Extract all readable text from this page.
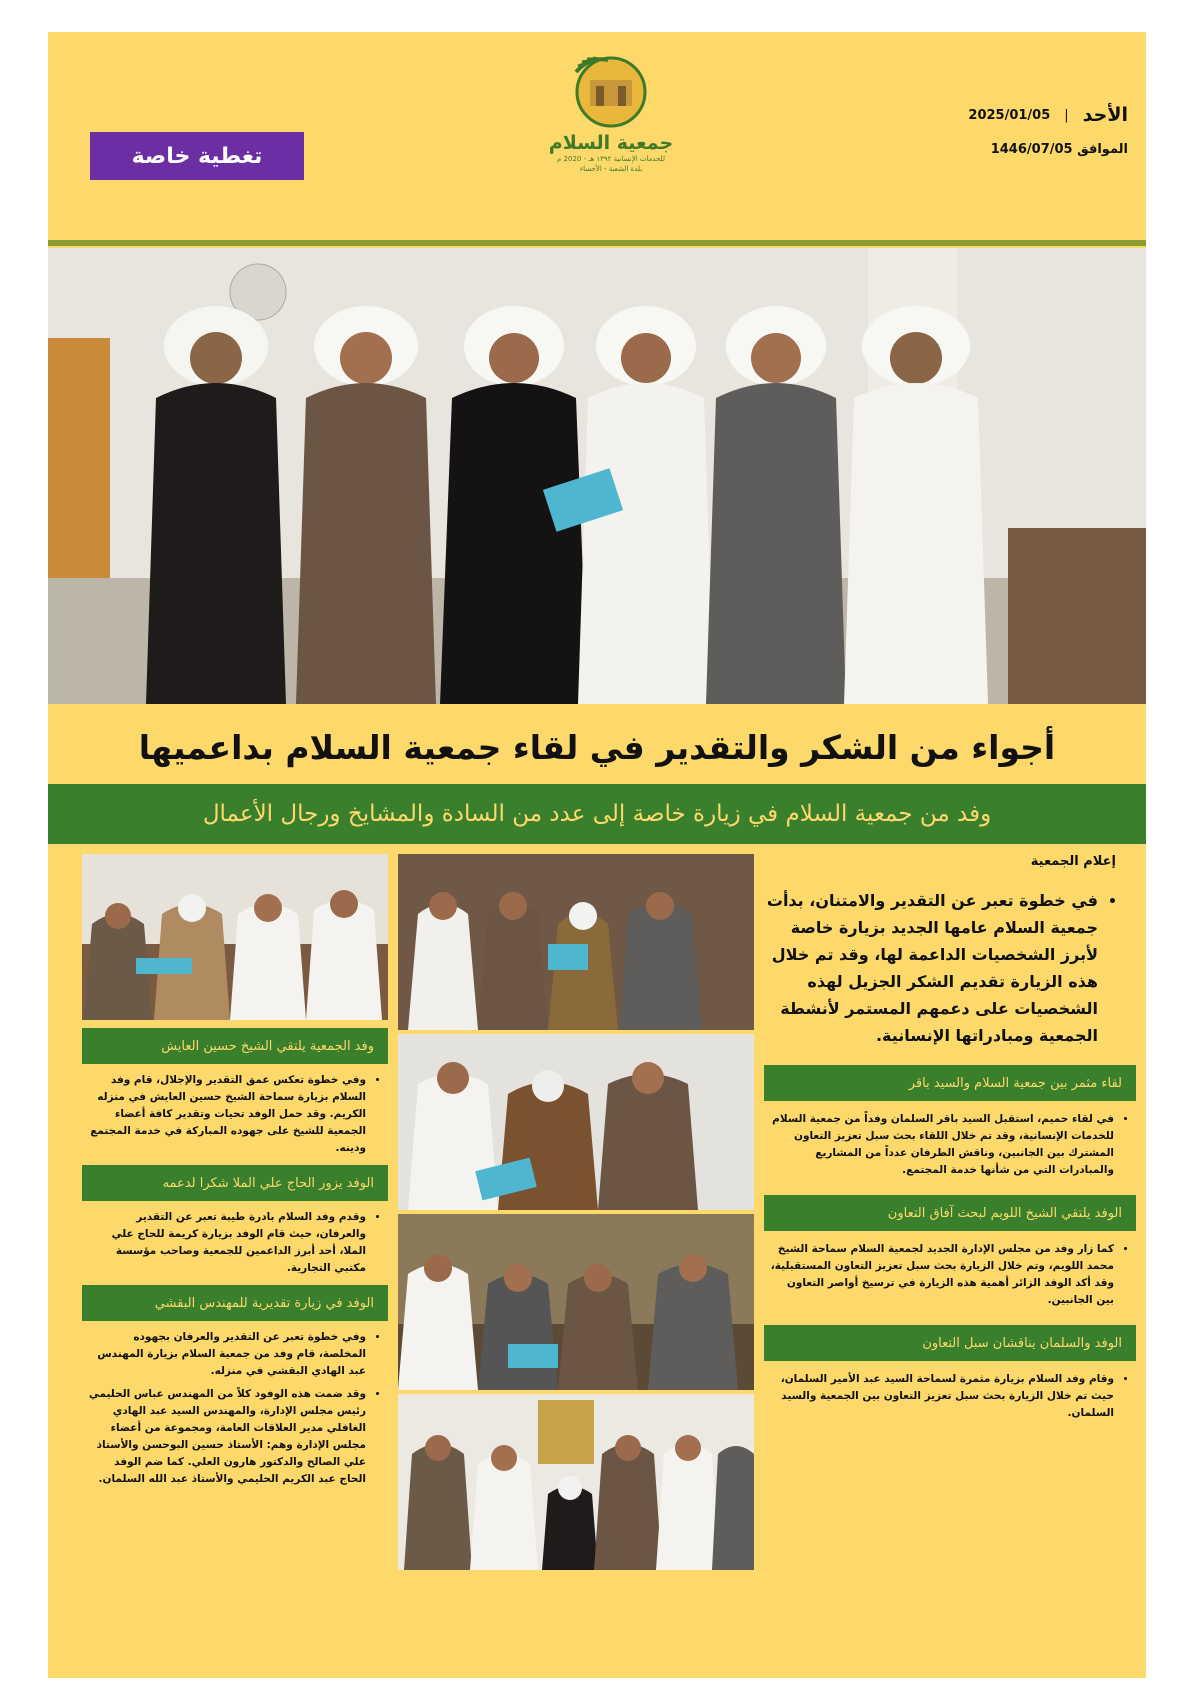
تغطية خاصة
جمعية السلام
للخدمات الإنسانية ١٣٩٢ هـ - 2020 م
بلدة الشعبة - الأحساء
الأحد
|
2025/01/05
الموافق 1446/07/05
أجواء من الشكر والتقدير في لقاء جمعية السلام بداعميها
وفد من جمعية السلام في زيارة خاصة إلى عدد من السادة والمشايخ ورجال الأعمال
إعلام الجمعية
• في خطوة تعبر عن التقدير والامتنان، بدأت جمعية السلام عامها الجديد بزيارة خاصة لأبرز الشخصيات الداعمة لها، وقد تم خلال هذه الزيارة تقديم الشكر الجزيل لهذه الشخصيات على دعمهم المستمر لأنشطة الجمعية ومبادراتها الإنسانية.
لقاء مثمر بين جمعية السلام والسيد باقر
• في لقاء حميم، استقبل السيد باقر السلمان وفداً من جمعية السلام للخدمات الإنسانية، وقد تم خلال اللقاء بحث سبل تعزيز التعاون المشترك بين الجانبين، وناقش الطرفان عدداً من المشاريع والمبادرات التي من شأنها خدمة المجتمع.
الوفد يلتقي الشيخ اللويم لبحث آفاق التعاون
• كما زار وفد من مجلس الإدارة الجديد لجمعية السلام سماحة الشيخ محمد اللويم، وتم خلال الزيارة بحث سبل تعزيز التعاون المستقبلية، وقد أكد الوفد الزائر أهمية هذه الزيارة في ترسيخ أواصر التعاون بين الجانبين.
الوفد والسلمان يناقشان سبل التعاون
• وقام وفد السلام بزيارة مثمرة لسماحة السيد عبد الأمير السلمان، حيث تم خلال الزيارة بحث سبل تعزيز التعاون بين الجمعية والسيد السلمان.
وفد الجمعية يلتقي الشيخ حسين العايش
• وفي خطوة تعكس عمق التقدير والإجلال، قام وفد السلام بزيارة سماحة الشيخ حسين العايش في منزله الكريم. وقد حمل الوفد تحيات وتقدير كافة أعضاء الجمعية للشيخ على جهوده المباركة في خدمة المجتمع ودينه.
الوفد يزور الحاج علي الملا شكرا لدعمه
• وقدم وفد السلام بادرة طيبة تعبر عن التقدير والعرفان، حيث قام الوفد بزيارة كريمة للحاج علي الملا، أحد أبرز الداعمين للجمعية وصاحب مؤسسة مكتبي التجارية.
الوفد في زيارة تقديرية للمهندس البقشي
• وفي خطوة تعبر عن التقدير والعرفان بجهوده المخلصة، قام وفد من جمعية السلام بزيارة المهندس عبد الهادي البقشي في منزله.
• وقد ضمت هذه الوفود كلاً من المهندس عباس الحليمي رئيس مجلس الإدارة، والمهندس السيد عبد الهادي الغافلي مدير العلاقات العامة، ومجموعة من أعضاء مجلس الإدارة وهم: الأستاذ حسين البوحسن والأستاذ علي الصالح والدكتور هارون العلي. كما ضم الوفد الحاج عبد الكريم الحليمي والأستاذ عبد الله السلمان.
